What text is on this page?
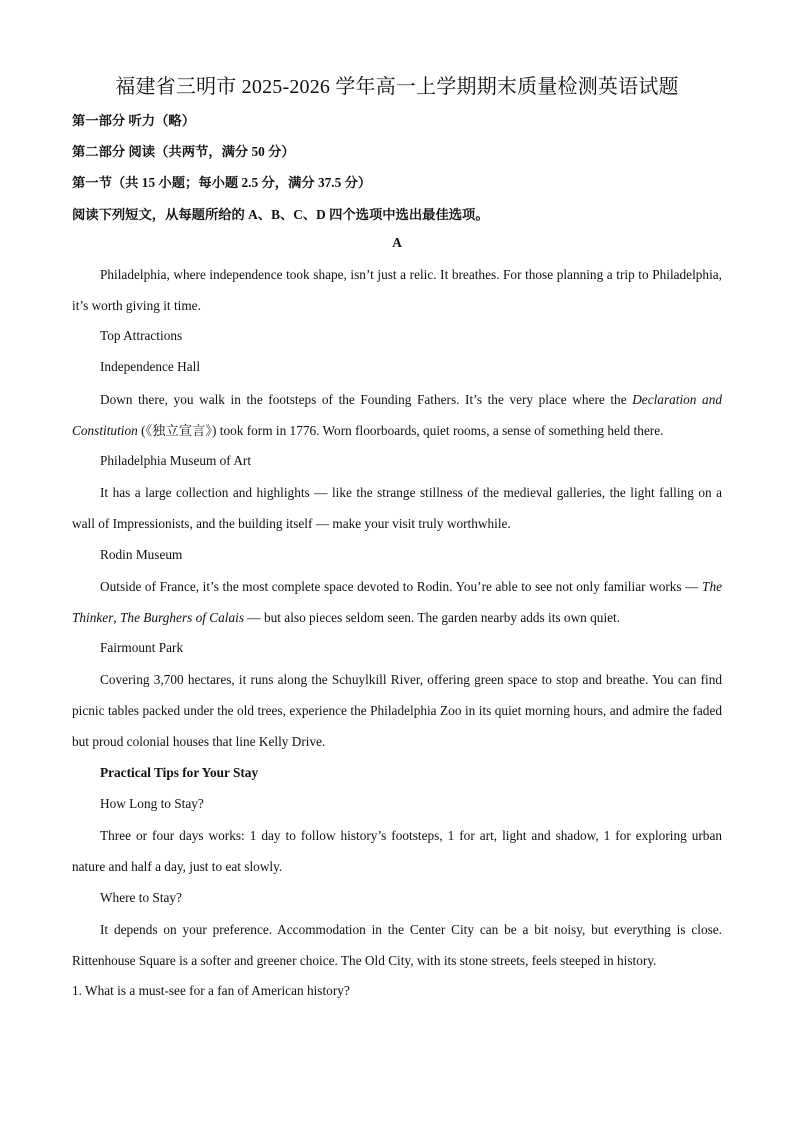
福建省三明市 2025-2026 学年高一上学期期末质量检测英语试题
第一部分 听力（略）
第二部分 阅读（共两节，满分 50 分）
第一节（共 15 小题；每小题 2.5 分，满分 37.5 分）
阅读下列短文，从每题所给的 A、B、C、D 四个选项中选出最佳选项。
A

Philadelphia, where independence took shape, isn’t just a relic. It breathes. For those planning a trip to Philadelphia, it’s worth giving it time.

Top Attractions
Independence Hall

Down there, you walk in the footsteps of the Founding Fathers. It’s the very place where the Declaration and Constitution (《独立宣言》) took form in 1776. Worn floorboards, quiet rooms, a sense of something held there.

Philadelphia Museum of Art

It has a large collection and highlights — like the strange stillness of the medieval galleries, the light falling on a wall of Impressionists, and the building itself — make your visit truly worthwhile.

Rodin Museum

Outside of France, it’s the most complete space devoted to Rodin. You’re able to see not only familiar works — The Thinker, The Burghers of Calais — but also pieces seldom seen. The garden nearby adds its own quiet.

Fairmount Park

Covering 3,700 hectares, it runs along the Schuylkill River, offering green space to stop and breathe. You can find picnic tables packed under the old trees, experience the Philadelphia Zoo in its quiet morning hours, and admire the faded but proud colonial houses that line Kelly Drive.

Practical Tips for Your Stay
How Long to Stay?

Three or four days works: 1 day to follow history’s footsteps, 1 for art, light and shadow, 1 for exploring urban nature and half a day, just to eat slowly.

Where to Stay?

It depends on your preference. Accommodation in the Center City can be a bit noisy, but everything is close. Rittenhouse Square is a softer and greener choice. The Old City, with its stone streets, feels steeped in history.

1. What is a must-see for a fan of American history?
